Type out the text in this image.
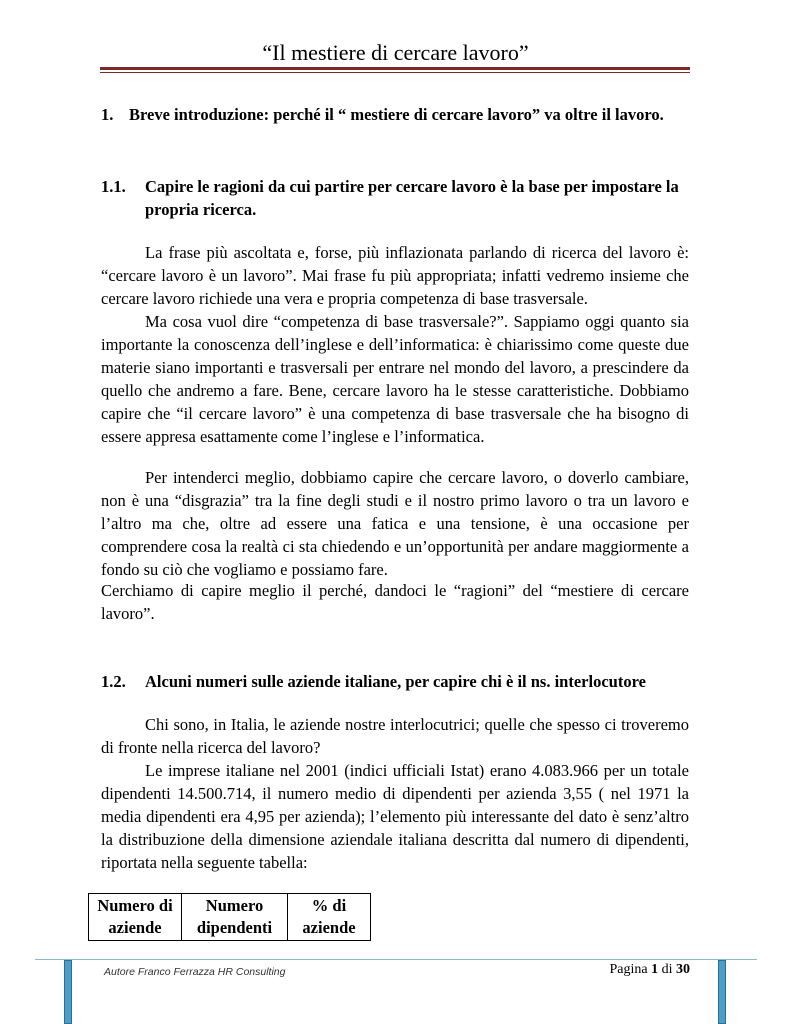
“Il mestiere di cercare lavoro”
1. Breve introduzione: perché il “ mestiere di cercare lavoro” va oltre il lavoro.
1.1. Capire le ragioni da cui partire per cercare lavoro è la base per impostare la propria ricerca.
La frase più ascoltata e, forse, più inflazionata parlando di ricerca del lavoro è: “cercare lavoro è un lavoro”. Mai frase fu più appropriata; infatti vedremo insieme che cercare lavoro richiede una vera e propria competenza di base trasversale.
Ma cosa vuol dire “competenza di base trasversale?”. Sappiamo oggi quanto sia importante la conoscenza dell’inglese e dell’informatica: è chiarissimo come queste due materie siano importanti e trasversali per entrare nel mondo del lavoro, a prescindere da quello che andremo a fare. Bene, cercare lavoro ha le stesse caratteristiche. Dobbiamo capire che “il cercare lavoro” è una competenza di base trasversale che ha bisogno di essere appresa esattamente come l’inglese e l’informatica.
Per intenderci meglio, dobbiamo capire che cercare lavoro, o doverlo cambiare, non è una “disgrazia” tra la fine degli studi e il nostro primo lavoro o tra un lavoro e l’altro ma che, oltre ad essere una fatica e una tensione, è una occasione per comprendere cosa la realtà ci sta chiedendo e un’opportunità per andare maggiormente a fondo su ciò che vogliamo e possiamo fare.
Cerchiamo di capire meglio il perché, dandoci le “ragioni” del “mestiere di cercare lavoro”.
1.2. Alcuni numeri sulle aziende italiane, per capire chi è il ns. interlocutore
Chi sono, in Italia, le aziende nostre interlocutrici; quelle che spesso ci troveremo di fronte nella ricerca del lavoro?
Le imprese italiane nel 2001 (indici ufficiali Istat) erano 4.083.966 per un totale dipendenti 14.500.714, il numero medio di dipendenti per azienda 3,55 ( nel 1971 la media dipendenti era 4,95 per azienda); l’elemento più interessante del dato è senz’altro la distribuzione della dimensione aziendale italiana descritta dal numero di dipendenti, riportata nella seguente tabella:
Numero di aziende	Numero dipendenti	% di aziende
Autore Franco Ferrazza HR Consulting	Pagina 1 di 30
